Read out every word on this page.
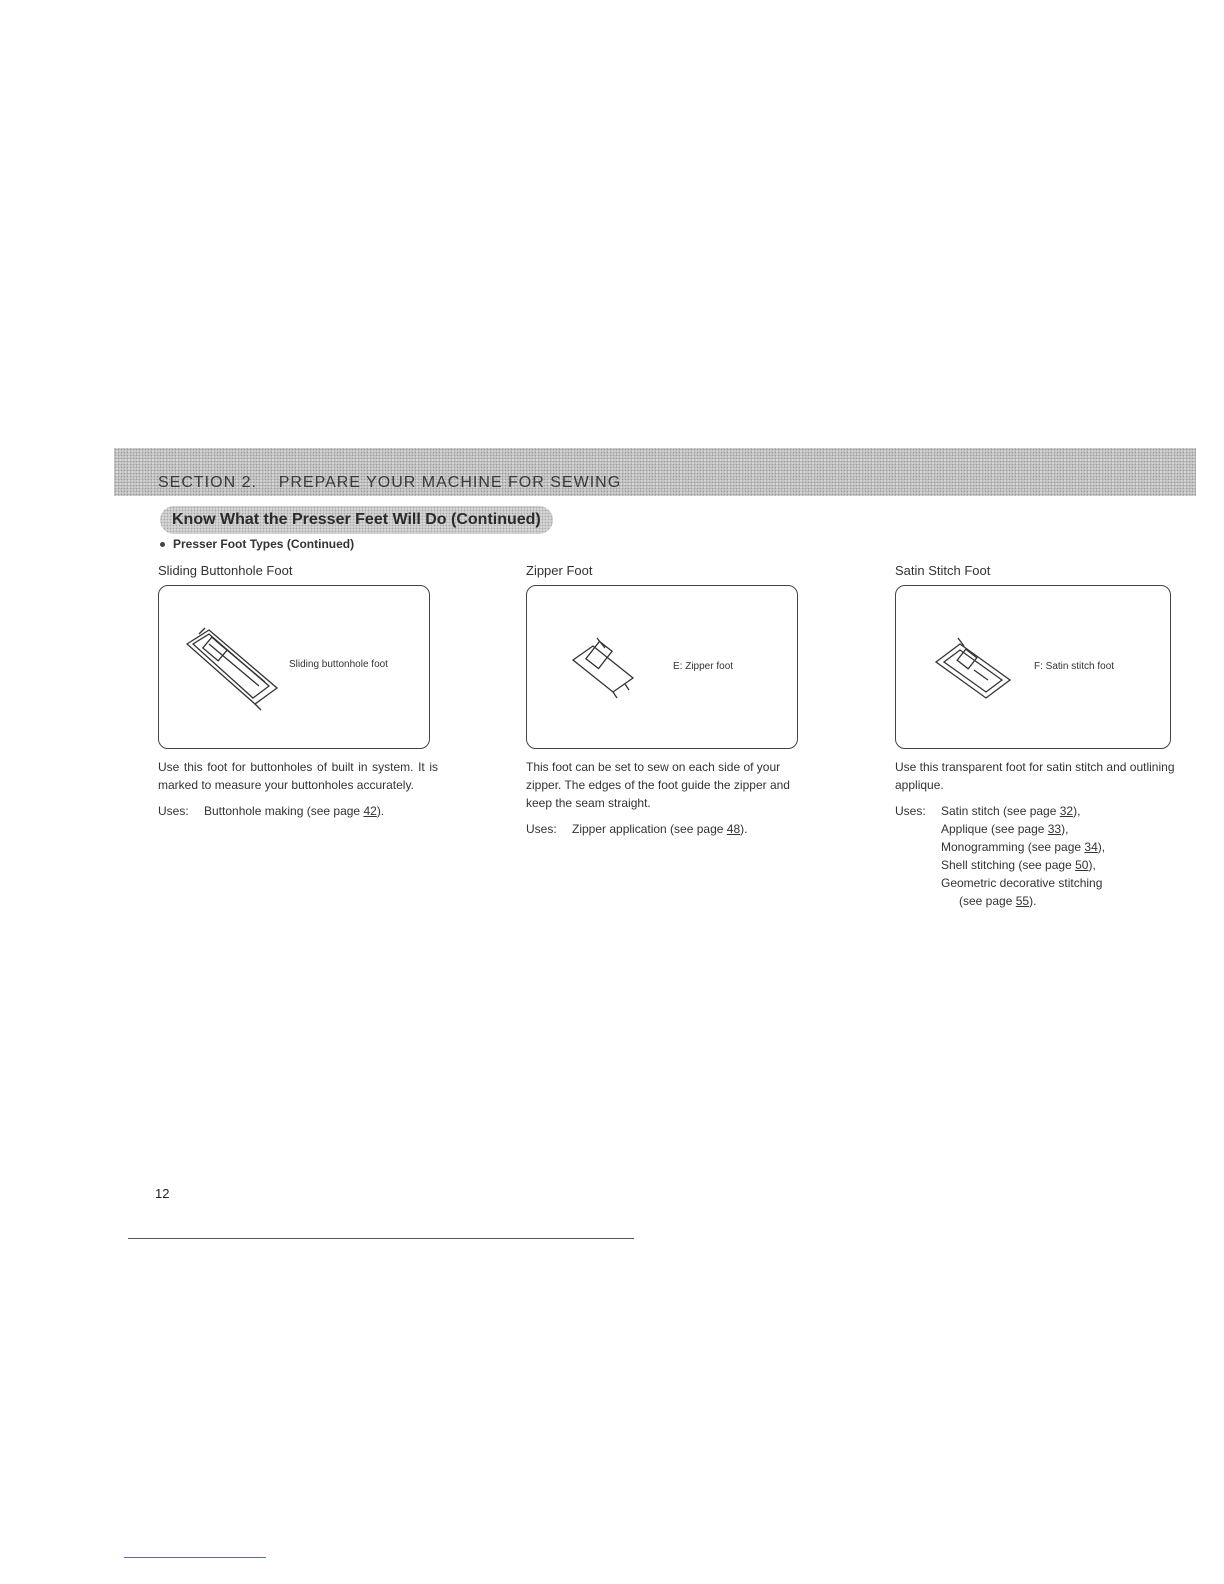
SECTION 2.    PREPARE YOUR MACHINE FOR SEWING
Know What the Presser Feet Will Do (Continued)
Presser Foot Types (Continued)
Sliding Buttonhole Foot
Sliding buttonhole foot
Use this foot for buttonholes of built in system. It is marked to measure your buttonholes accurately.
Uses:	Buttonhole making (see page 42).
Zipper Foot
E: Zipper foot
This foot can be set to sew on each side of your zipper. The edges of the foot guide the zipper and keep the seam straight.
Uses:	Zipper application (see page 48).
Satin Stitch Foot
F: Satin stitch foot
Use this transparent foot for satin stitch and outlining applique.
Uses:	Satin stitch (see page 32),
Applique (see page 33),
Monogramming (see page 34),
Shell stitching (see page 50),
Geometric decorative stitching
(see page 55).
12
